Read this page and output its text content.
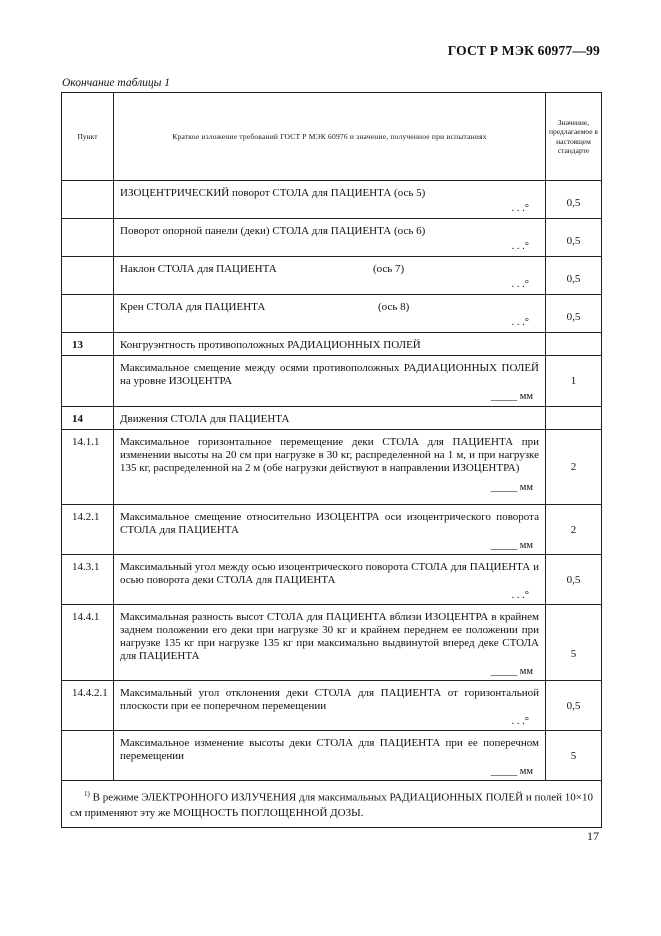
ГОСТ Р МЭК 60977—99
Окончание таблицы 1
Пункт	Краткое изложение требований ГОСТ Р МЭК 60976 и значение, полученное при испытаниях	Значение, предлагаемое в настоящем стандарте

	ИЗОЦЕНТРИЧЕСКИЙ поворот СТОЛА для ПАЦИЕНТА (ось 5)
. . .°	0,5

	Поворот опорной панели (деки) СТОЛА для ПАЦИЕНТА (ось 6)
. . .°	0,5

	Наклон СТОЛА для ПАЦИЕНТА                                   (ось 7)
. . .°	0,5

	Крен СТОЛА для ПАЦИЕНТА                                         (ось 8)
. . .°	0,5
13	Конгруэнтность противоположных РАДИАЦИОННЫХ ПОЛЕЙ	

	Максимальное смещение между осями противоположных РАДИАЦИОННЫХ ПОЛЕЙ на уровне ИЗОЦЕНТРА
_____ мм	1
14	Движения СТОЛА для ПАЦИЕНТА	
14.1.1	Максимальное горизонтальное перемещение деки СТОЛА для ПАЦИЕНТА при изменении высоты на 20 см при нагрузке в 30 кг, распределенной на 1 м, и при нагрузке 135 кг, распределенной на 2 м (обе нагрузки действуют в направлении ИЗОЦЕНТРА)
_____ мм	2
14.2.1	Максимальное смещение относительно ИЗОЦЕНТРА оси изоцентрического поворота СТОЛА для ПАЦИЕНТА
_____ мм	2
14.3.1	Максимальный угол между осью изоцентрического поворота СТОЛА для ПАЦИЕНТА и осью поворота деки СТОЛА для ПАЦИЕНТА
. . .°	0,5
14.4.1	Максимальная разность высот СТОЛА для ПАЦИЕНТА вблизи ИЗОЦЕНТРА в крайнем заднем положении его деки при нагрузке 30 кг и крайнем переднем ее положении при нагрузке 135 кг при нагрузке 135 кг при максимально выдвинутой вперед деке СТОЛА для ПАЦИЕНТА
_____ мм	5
14.4.2.1	Максимальный угол отклонения деки СТОЛА для ПАЦИЕНТА от горизонтальной плоскости при ее поперечном перемещении
. . .°	0,5

	Максимальное изменение высоты деки СТОЛА для ПАЦИЕНТА при ее поперечном перемещении
_____ мм	5
$^{1)}$ В режиме ЭЛЕКТРОННОГО ИЗЛУЧЕНИЯ для максимальных РАДИАЦИОННЫХ ПОЛЕЙ и полей 10×10 см применяют эту же МОЩНОСТЬ ПОГЛОЩЕННОЙ ДОЗЫ.		
17
